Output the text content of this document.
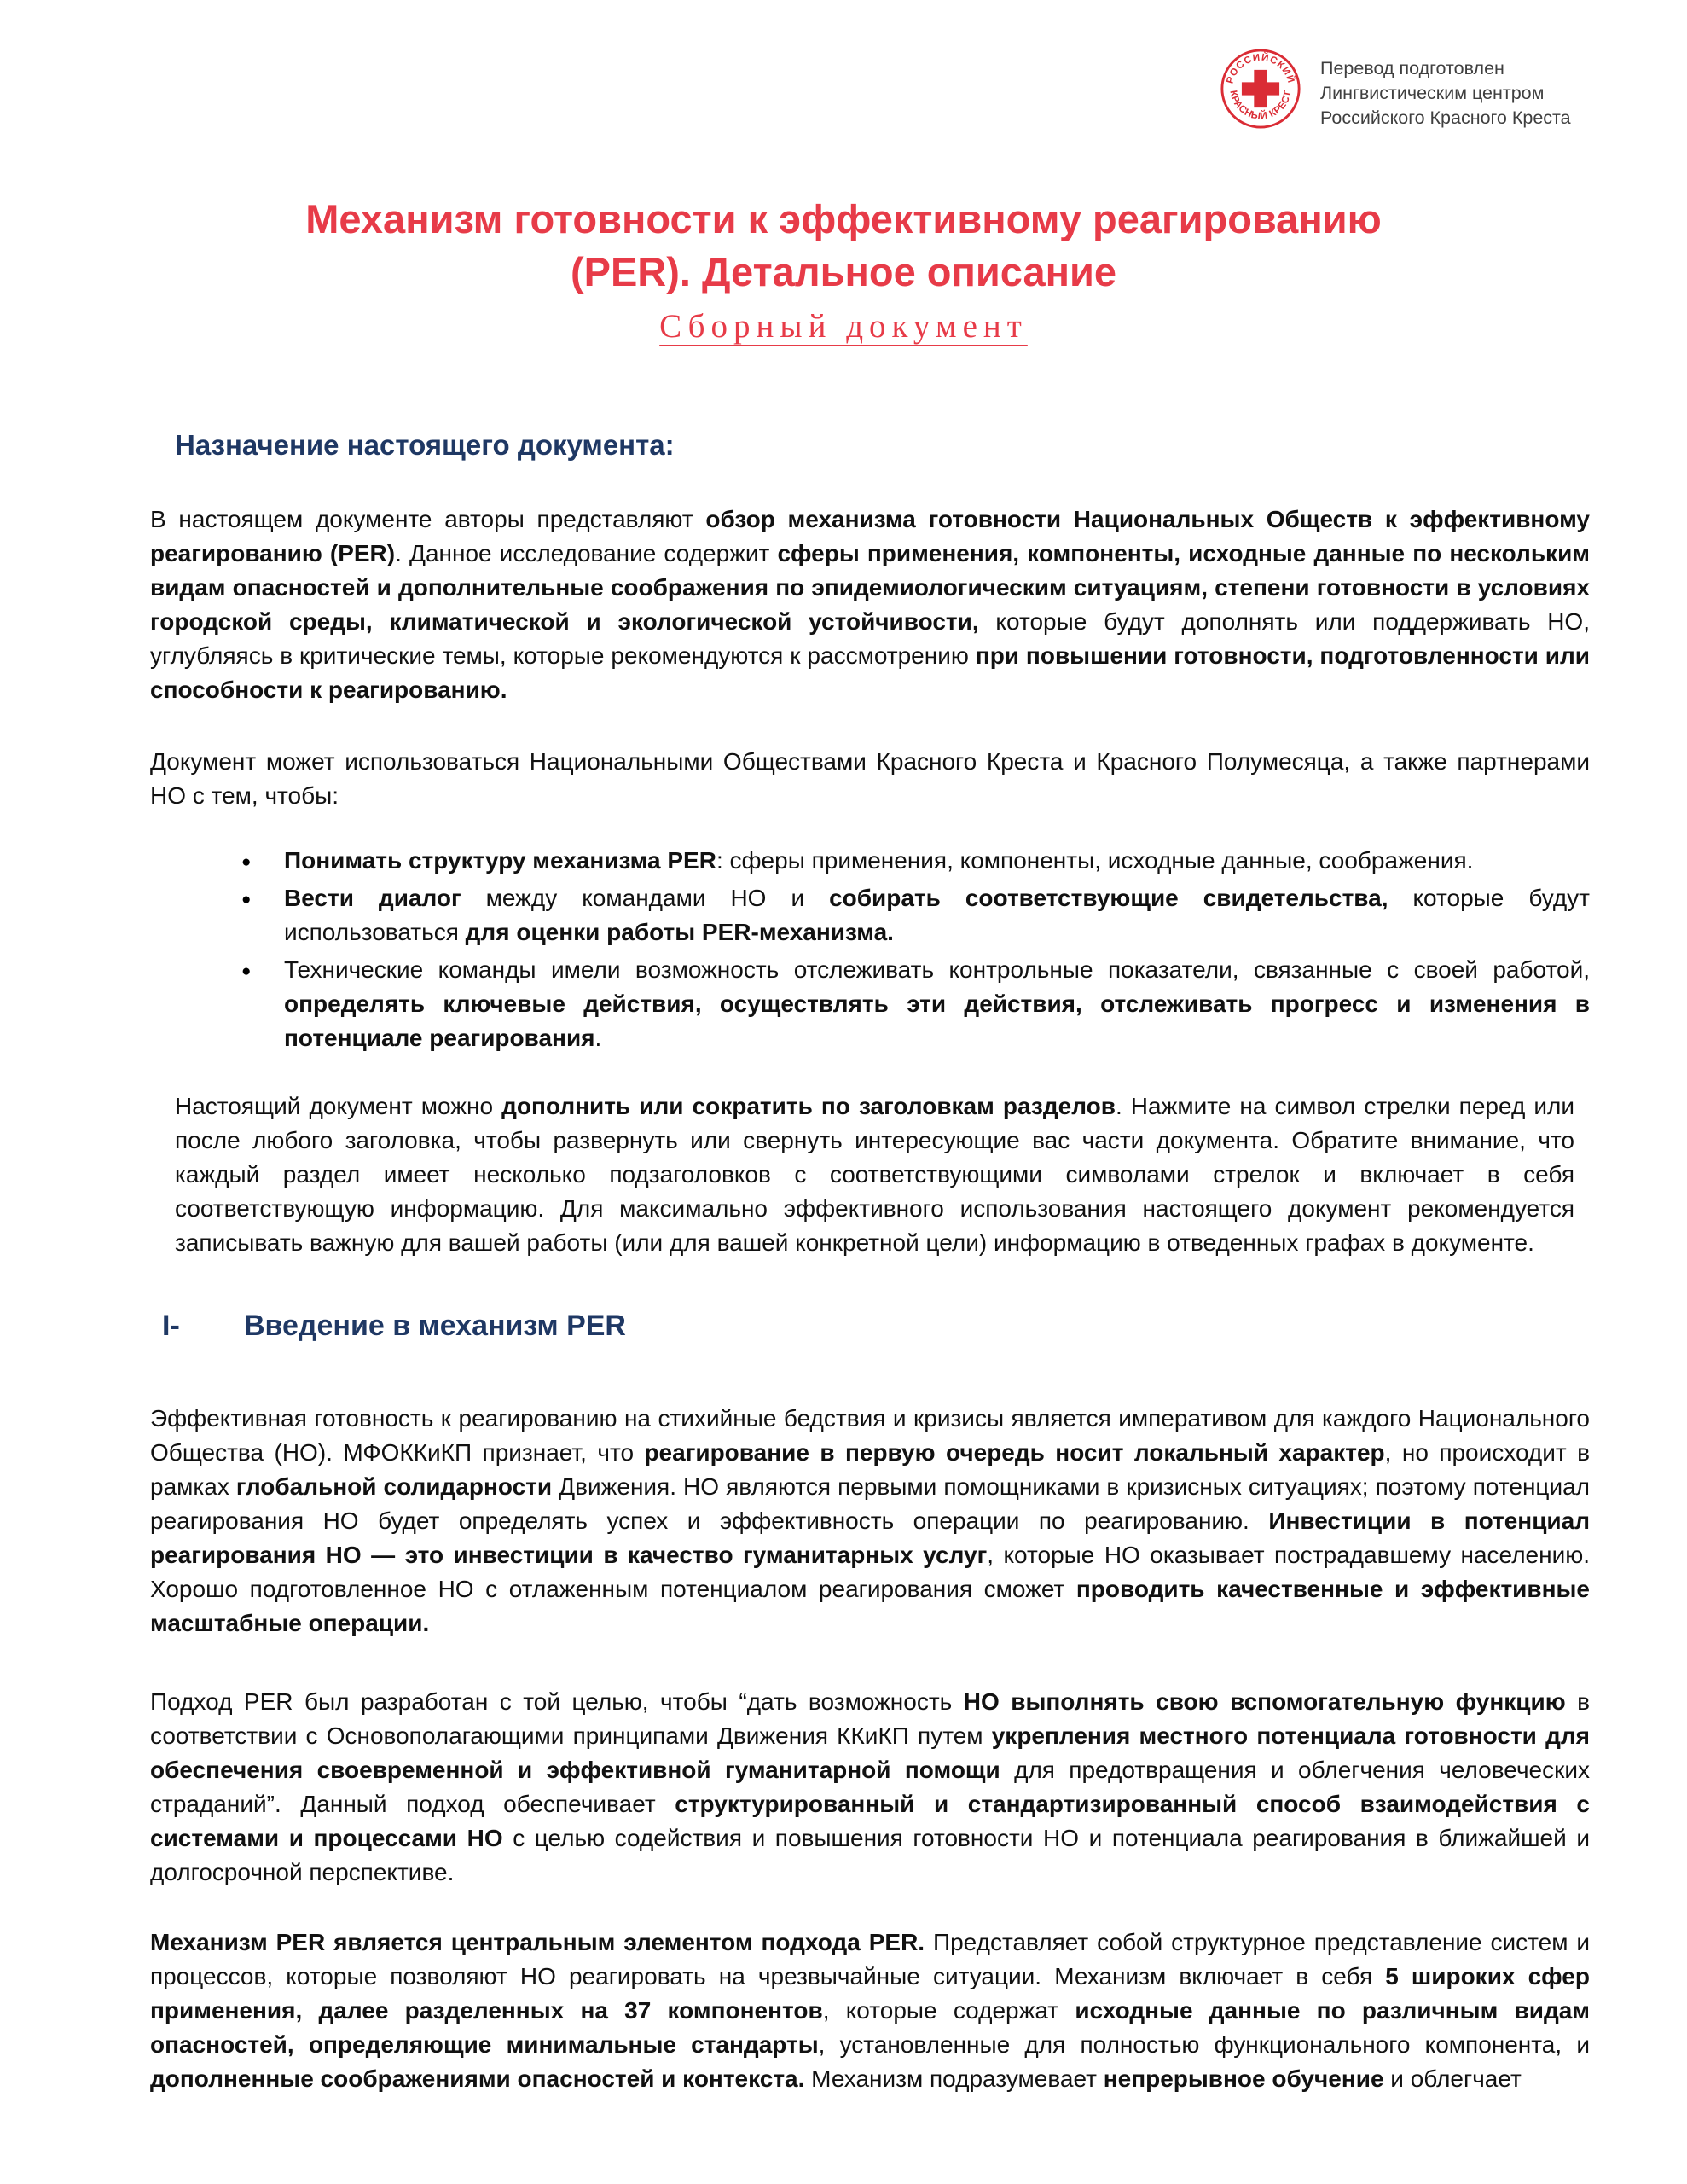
РОССИЙСКИЙ
КРАСНЫЙ КРЕСТ
Перевод подготовлен
Лингвистическим центром
Российского Красного Креста
Механизм готовности к эффективному реагированию
(PER). Детальное описание
Сборный документ
Назначение настоящего документа:

В настоящем документе авторы представляют обзор механизма готовности Национальных Обществ к эффективному реагированию (PER). Данное исследование содержит сферы применения, компоненты, исходные данные по нескольким видам опасностей и дополнительные соображения по эпидемиологическим ситуациям, степени готовности в условиях городской среды, климатической и экологической устойчивости, которые будут дополнять или поддерживать НО, углубляясь в критические темы, которые рекомендуются к рассмотрению при повышении готовности, подготовленности или способности к реагированию.

Документ может использоваться Национальными Обществами Красного Креста и Красного Полумесяца, а также партнерами НО с тем, чтобы:

● Понимать структуру механизма PER: сферы применения, компоненты, исходные данные, соображения.
● Вести диалог между командами НО и собирать соответствующие свидетельства, которые будут использоваться для оценки работы PER-механизма.
● Технические команды имели возможность отслеживать контрольные показатели, связанные с своей работой, определять ключевые действия, осуществлять эти действия, отслеживать прогресс и изменения в потенциале реагирования.

Настоящий документ можно дополнить или сократить по заголовкам разделов. Нажмите на символ стрелки перед или после любого заголовка, чтобы развернуть или свернуть интересующие вас части документа. Обратите внимание, что каждый раздел имеет несколько подзаголовков с соответствующими символами стрелок и включает в себя соответствующую информацию. Для максимально эффективного использования настоящего документ рекомендуется записывать важную для вашей работы (или для вашей конкретной цели) информацию в отведенных графах в документе.

I- Введение в механизм PER

Эффективная готовность к реагированию на стихийные бедствия и кризисы является императивом для каждого Национального Общества (НО). МФОККиКП признает, что реагирование в первую очередь носит локальный характер, но происходит в рамках глобальной солидарности Движения. НО являются первыми помощниками в кризисных ситуациях; поэтому потенциал реагирования НО будет определять успех и эффективность операции по реагированию. Инвестиции в потенциал реагирования НО — это инвестиции в качество гуманитарных услуг, которые НО оказывает пострадавшему населению. Хорошо подготовленное НО с отлаженным потенциалом реагирования сможет проводить качественные и эффективные масштабные операции.

Подход PER был разработан с той целью, чтобы “дать возможность НО выполнять свою вспомогательную функцию в соответствии с Основополагающими принципами Движения ККиКП путем укрепления местного потенциала готовности для обеспечения своевременной и эффективной гуманитарной помощи для предотвращения и облегчения человеческих страданий”. Данный подход обеспечивает структурированный и стандартизированный способ взаимодействия с системами и процессами НО с целью содействия и повышения готовности НО и потенциала реагирования в ближайшей и долгосрочной перспективе.

Механизм PER является центральным элементом подхода PER. Представляет собой структурное представление систем и процессов, которые позволяют НО реагировать на чрезвычайные ситуации. Механизм включает в себя 5 широких сфер применения, далее разделенных на 37 компонентов, которые содержат исходные данные по различным видам опасностей, определяющие минимальные стандарты, установленные для полностью функционального компонента, и дополненные соображениями опасностей и контекста. Механизм подразумевает непрерывное обучение и облегчает
